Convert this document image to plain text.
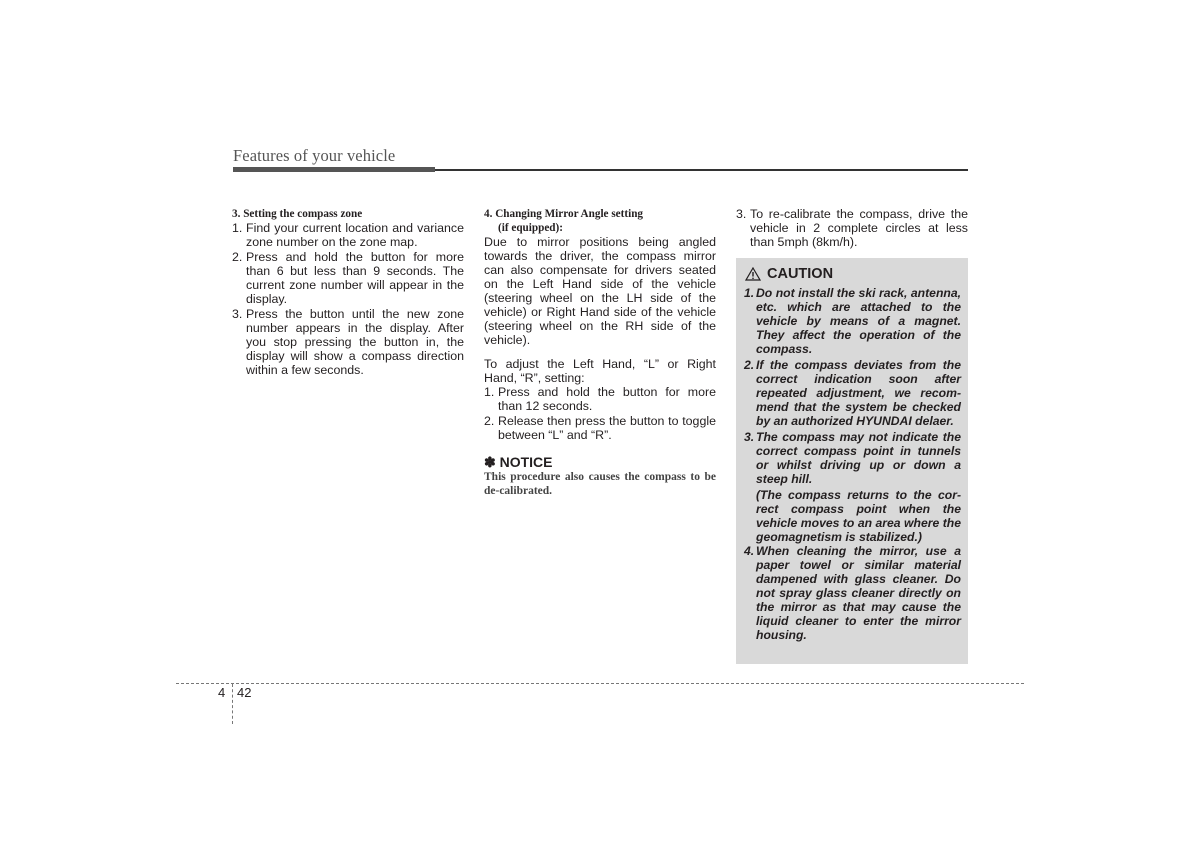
Features of your vehicle
3. Setting the compass zone
1. Find your current location and variance zone number on the zone map.
2. Press and hold the button for more than 6 but less than 9 seconds. The current zone number will appear in the display.
3. Press the button until the new zone number appears in the display. After you stop pressing the button in, the display will show a compass direction within a few seconds.
4. Changing Mirror Angle setting
(if equipped):
Due to mirror positions being angled towards the driver, the compass mirror can also compensate for drivers seated on the Left Hand side of the vehicle (steering wheel on the LH side of the vehicle) or Right Hand side of the vehicle (steering wheel on the RH side of the vehicle).
To adjust the Left Hand, “L” or Right Hand, “R”, setting:
1. Press and hold the button for more than 12 seconds.
2. Release then press the button to toggle between “L” and “R”.
✽ NOTICE
This procedure also causes the compass to be de-calibrated.
3. To re-calibrate the compass, drive the vehicle in 2 complete circles at less than 5mph (8km/h).
CAUTION
1. Do not install the ski rack, antenna, etc. which are attached to the vehicle by means of a magnet. They affect the operation of the compass.
2. If the compass deviates from the correct indication soon after repeated adjustment, we recommend that the system be checked by an authorized HYUNDAI delaer.
3. The compass may not indicate the correct compass point in tunnels or whilst driving up or down a steep hill.
(The compass returns to the correct compass point when the vehicle moves to an area where the geomagnetism is stabilized.)
4. When cleaning the mirror, use a paper towel or similar material dampened with glass cleaner. Do not spray glass cleaner directly on the mirror as that may cause the liquid cleaner to enter the mirror housing.
4 42
